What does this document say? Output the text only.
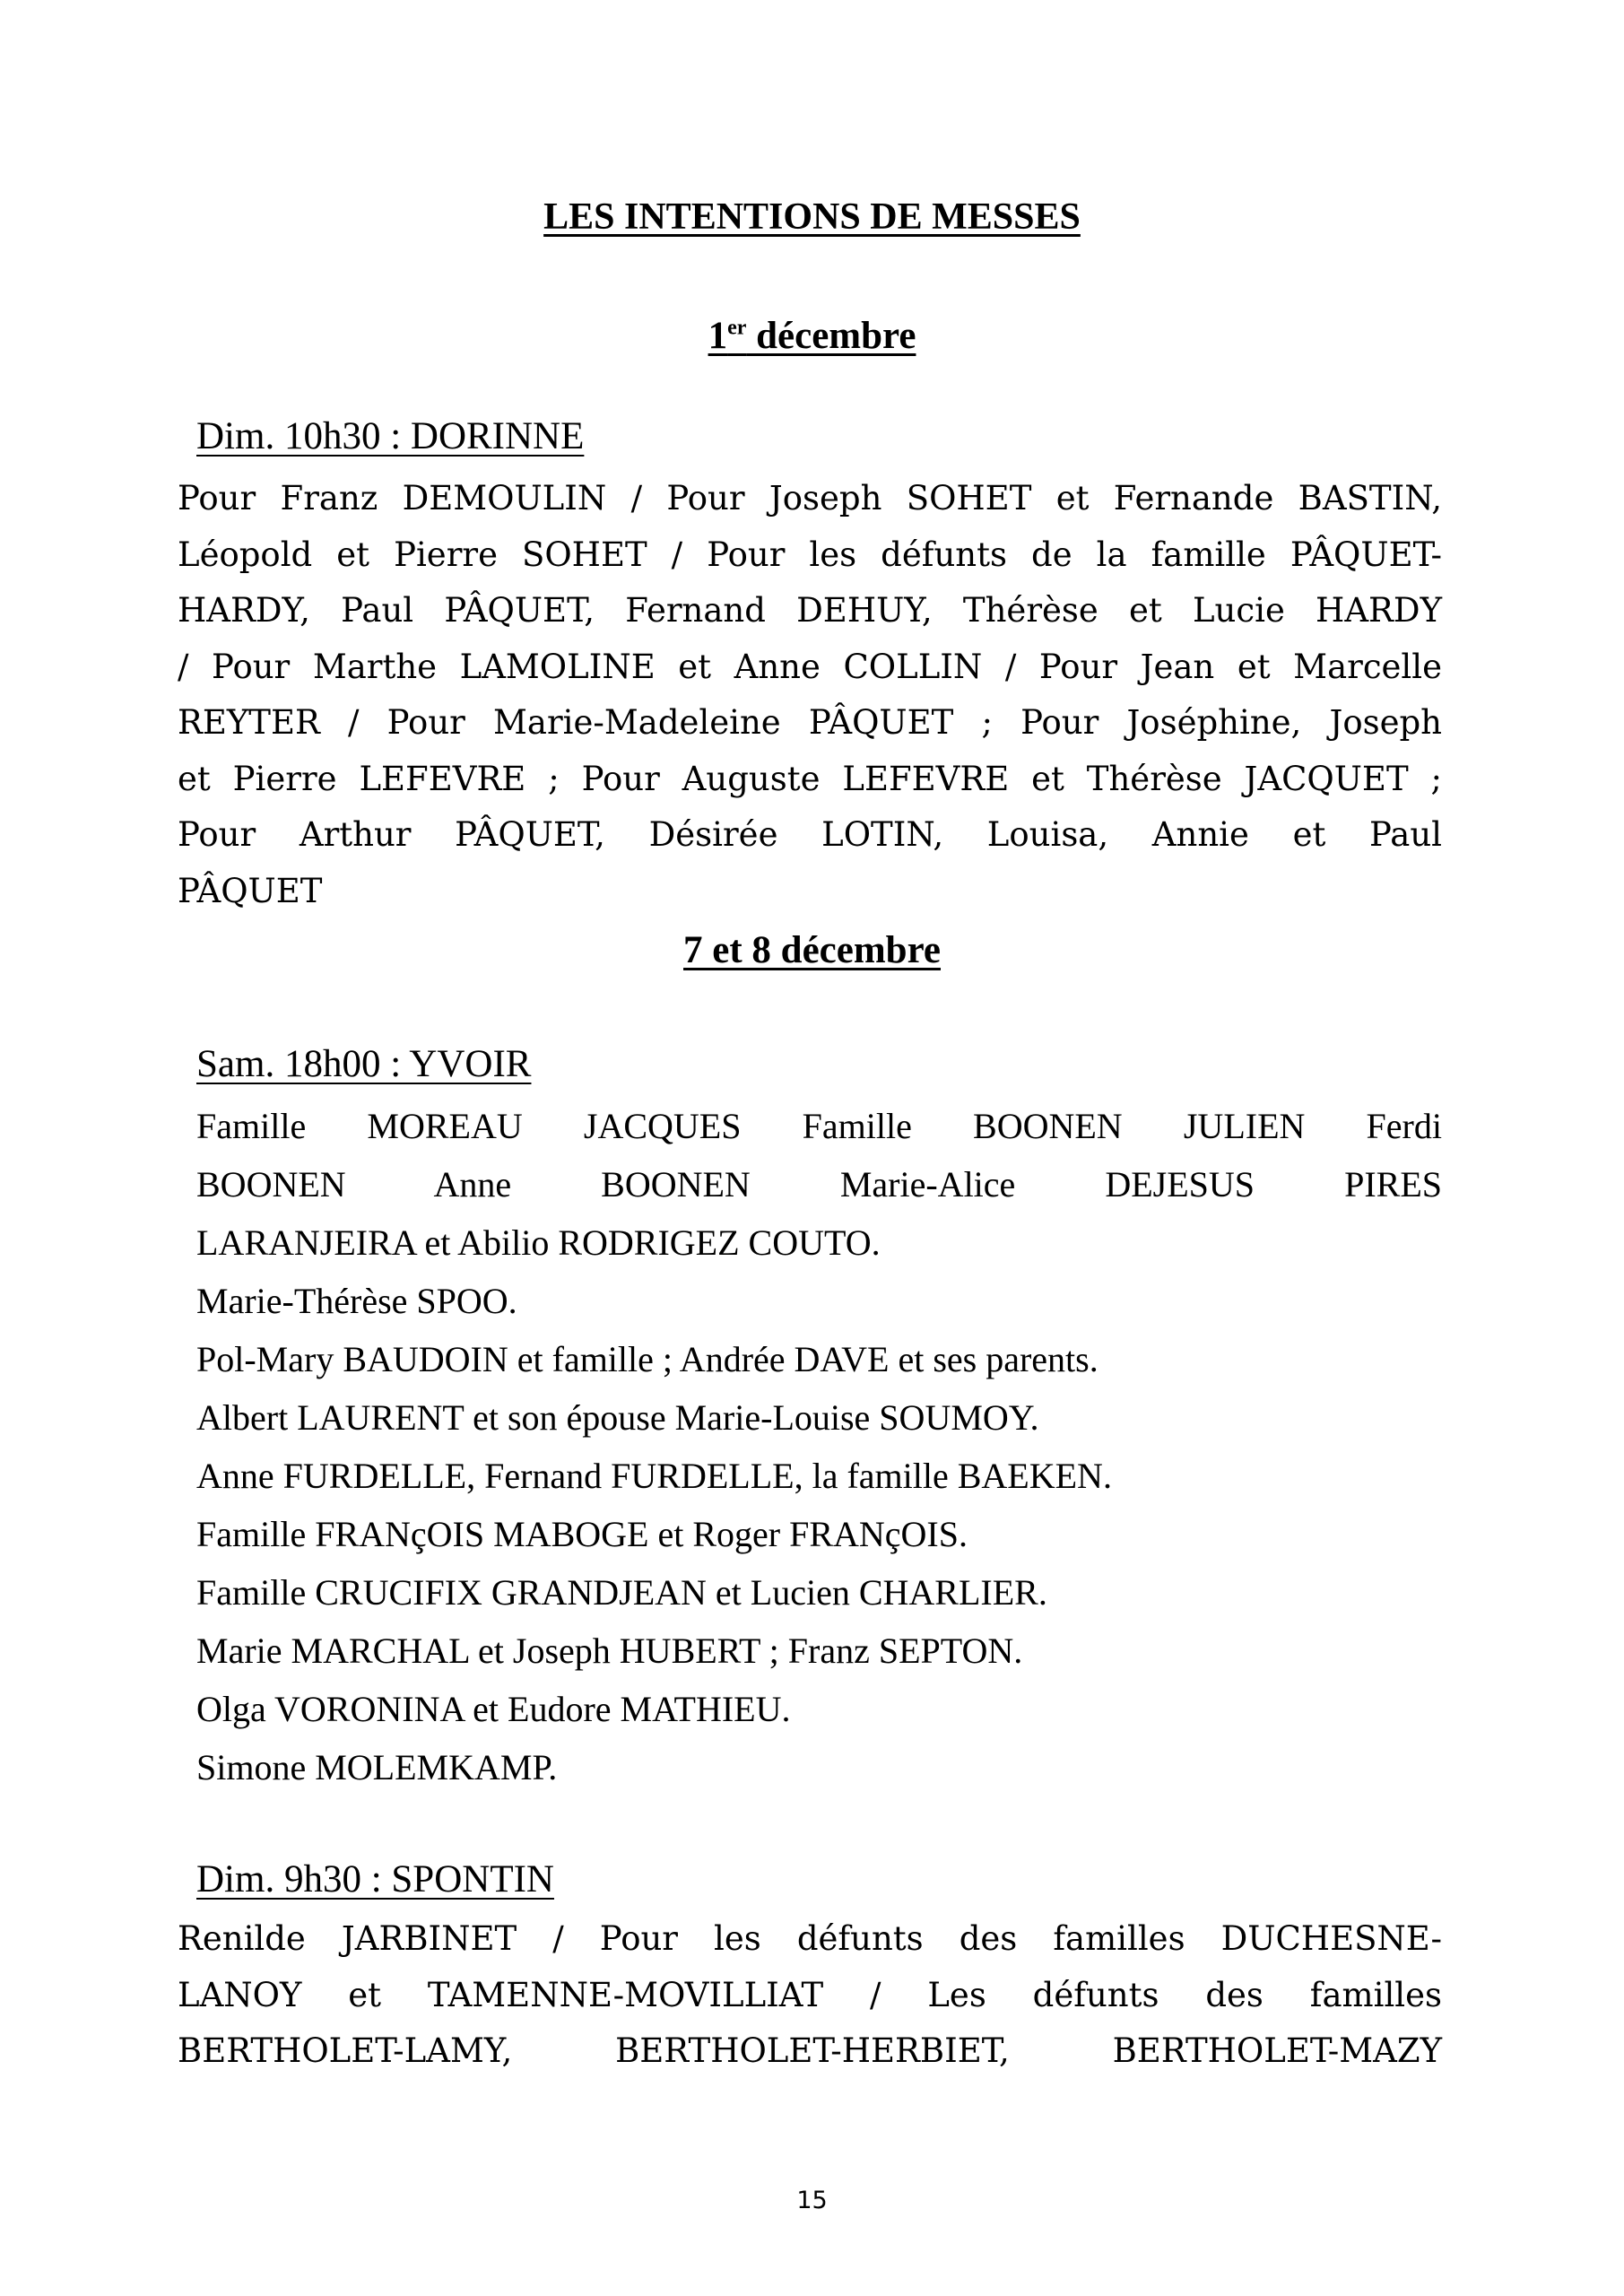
LES INTENTIONS DE MESSES
1er décembre
Dim. 10h30 : DORINNE
Pour Franz DEMOULIN / Pour Joseph SOHET et Fernande BASTIN,
Léopold et Pierre SOHET / Pour les défunts de la famille PÂQUET-
HARDY, Paul PÂQUET, Fernand DEHUY, Thérèse et Lucie HARDY
/ Pour Marthe LAMOLINE et Anne COLLIN / Pour Jean et Marcelle
REYTER / Pour Marie-Madeleine PÂQUET ; Pour Joséphine, Joseph
et Pierre LEFEVRE ; Pour Auguste LEFEVRE et Thérèse JACQUET ;
Pour Arthur PÂQUET, Désirée LOTIN, Louisa, Annie et Paul
PÂQUET
7 et 8 décembre
Sam. 18h00 : YVOIR
Famille MOREAU JACQUES Famille BOONEN JULIEN Ferdi
BOONEN Anne BOONEN Marie-Alice DEJESUS PIRES
LARANJEIRA et Abilio RODRIGEZ COUTO.
Marie-Thérèse SPOO.
Pol-Mary BAUDOIN et famille ; Andrée DAVE et ses parents.
Albert LAURENT et son épouse Marie-Louise SOUMOY.
Anne FURDELLE, Fernand FURDELLE, la famille BAEKEN.
Famille FRANçOIS MABOGE et Roger FRANçOIS.
Famille CRUCIFIX GRANDJEAN et Lucien CHARLIER.
Marie MARCHAL et Joseph HUBERT ; Franz SEPTON.
Olga VORONINA et Eudore MATHIEU.
Simone MOLEMKAMP.
Dim. 9h30 : SPONTIN
Renilde JARBINET / Pour les défunts des familles DUCHESNE-
LANOY et TAMENNE-MOVILLIAT / Les défunts des familles
BERTHOLET-LAMY, BERTHOLET-HERBIET, BERTHOLET-MAZY
15
